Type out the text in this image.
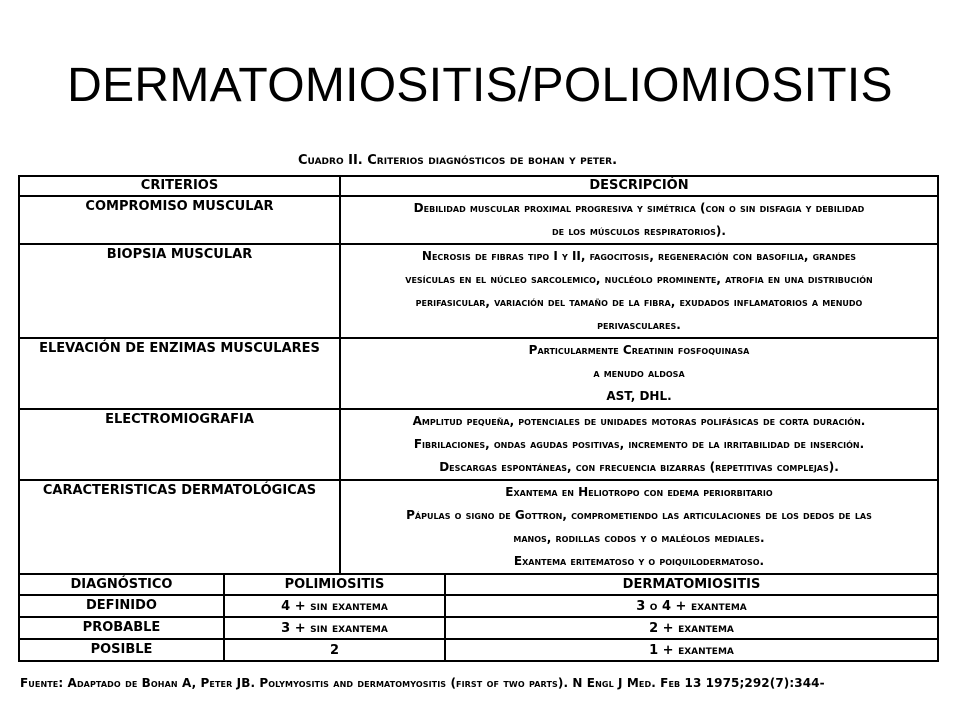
DERMATOMIOSITIS/POLIOMIOSITIS
Cuadro II. Criterios diagnósticos de bohan y peter.
CRITERIOS	DESCRIPCIÓN
COMPROMISO MUSCULAR	Debilidad muscular proximal progresiva y simétrica (con o sin disfagia y debilidad
de los músculos respiratorios).

BIOPSIA MUSCULAR	Necrosis de fibras tipo I y II, fagocitosis, regeneración con basofilia, grandes
vesículas en el núcleo sarcolemico, nucléolo prominente, atrofia en una distribución
perifasicular, variación del tamaño de la fibra, exudados inflamatorios a menudo
perivasculares.

ELEVACIÓN DE ENZIMAS MUSCULARES	Particularmente Creatinin fosfoquinasa
a menudo aldosa
AST, DHL.

ELECTROMIOGRAFIA	Amplitud pequeña, potenciales de unidades motoras polifásicas de corta duración.
Fibrilaciones, ondas agudas positivas, incremento de la irritabilidad de inserción.
Descargas espontáneas, con frecuencia bizarras (repetitivas complejas).

CARACTERISTICAS DERMATOLÓGICAS	Exantema en Heliotropo con edema periorbitario
Pápulas o signo de Gottron, comprometiendo las articulaciones de los dedos de las
manos, rodillas codos y o maléolos mediales.
Exantema eritematoso y o poiquilodermatoso.

DIAGNÓSTICO		POLIMIOSITIS	DERMATOMIOSITIS

DEFINIDO		4 + sin exantema	3 o 4 + exantema

PROBABLE		3 + sin exantema	2 + exantema

POSIBLE		2	1 + exantema
Fuente: Adaptado de Bohan A, Peter JB. Polymyositis and dermatomyositis (first of two parts). N Engl J Med. Feb 13 1975;292(7):344-
